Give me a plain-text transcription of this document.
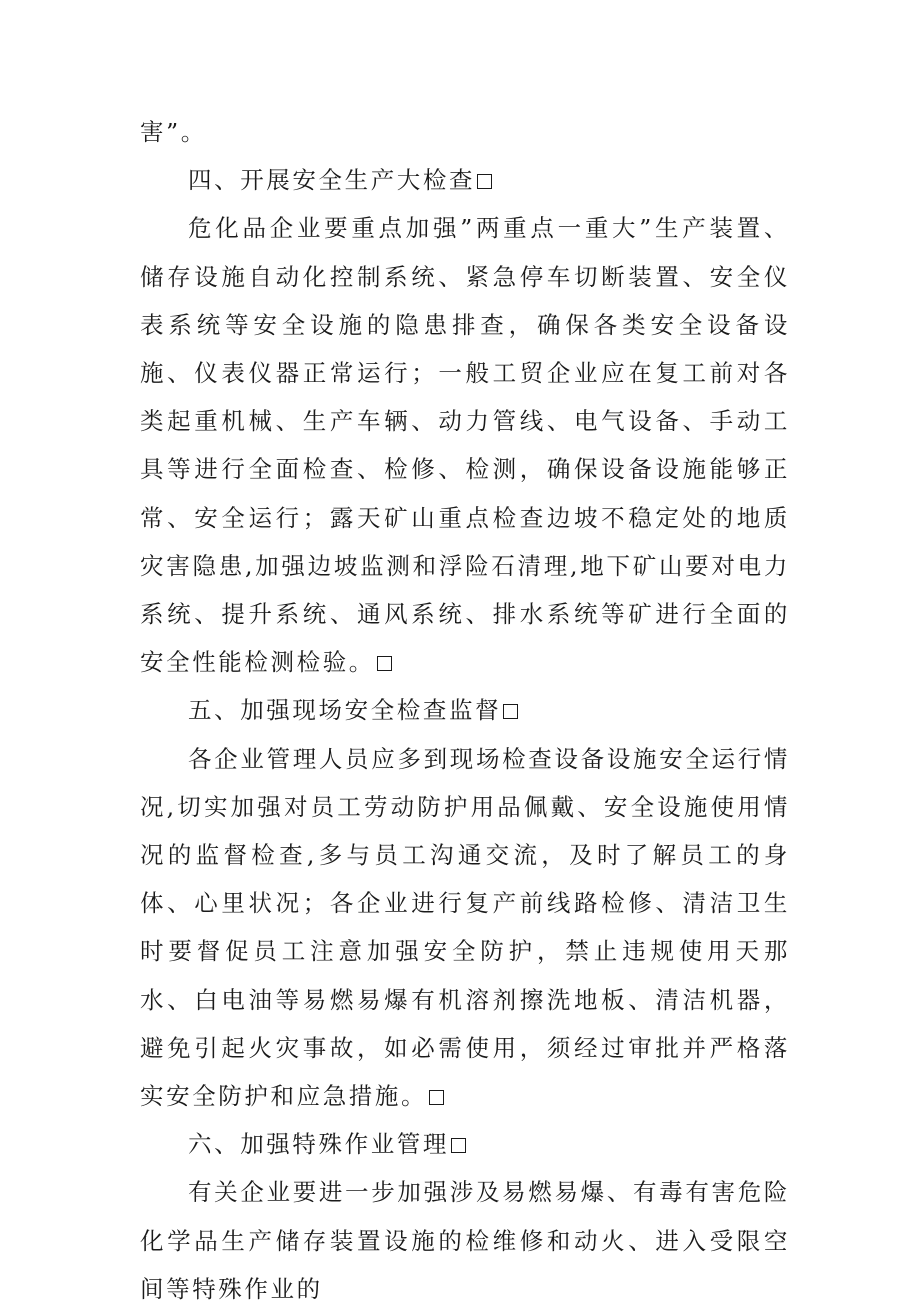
害”。

四、开展安全生产大检查

危化品企业要重点加强”两重点一重大”生产装置、储存设施自动化控制系统、紧急停车切断装置、安全仪表系统等安全设施的隐患排查，确保各类安全设备设施、仪表仪器正常运行；一般工贸企业应在复工前对各类起重机械、生产车辆、动力管线、电气设备、手动工具等进行全面检查、检修、检测，确保设备设施能够正常、安全运行；露天矿山重点检查边坡不稳定处的地质灾害隐患,加强边坡监测和浮险石清理,地下矿山要对电力系统、提升系统、通风系统、排水系统等矿进行全面的安全性能检测检验。

五、加强现场安全检查监督

各企业管理人员应多到现场检查设备设施安全运行情况,切实加强对员工劳动防护用品佩戴、安全设施使用情况的监督检查,多与员工沟通交流，及时了解员工的身体、心里状况；各企业进行复产前线路检修、清洁卫生时要督促员工注意加强安全防护，禁止违规使用天那水、白电油等易燃易爆有机溶剂擦洗地板、清洁机器，避免引起火灾事故，如必需使用，须经过审批并严格落实安全防护和应急措施。

六、加强特殊作业管理

有关企业要进一步加强涉及易燃易爆、有毒有害危险化学品生产储存装置设施的检维修和动火、进入受限空间等特殊作业的
